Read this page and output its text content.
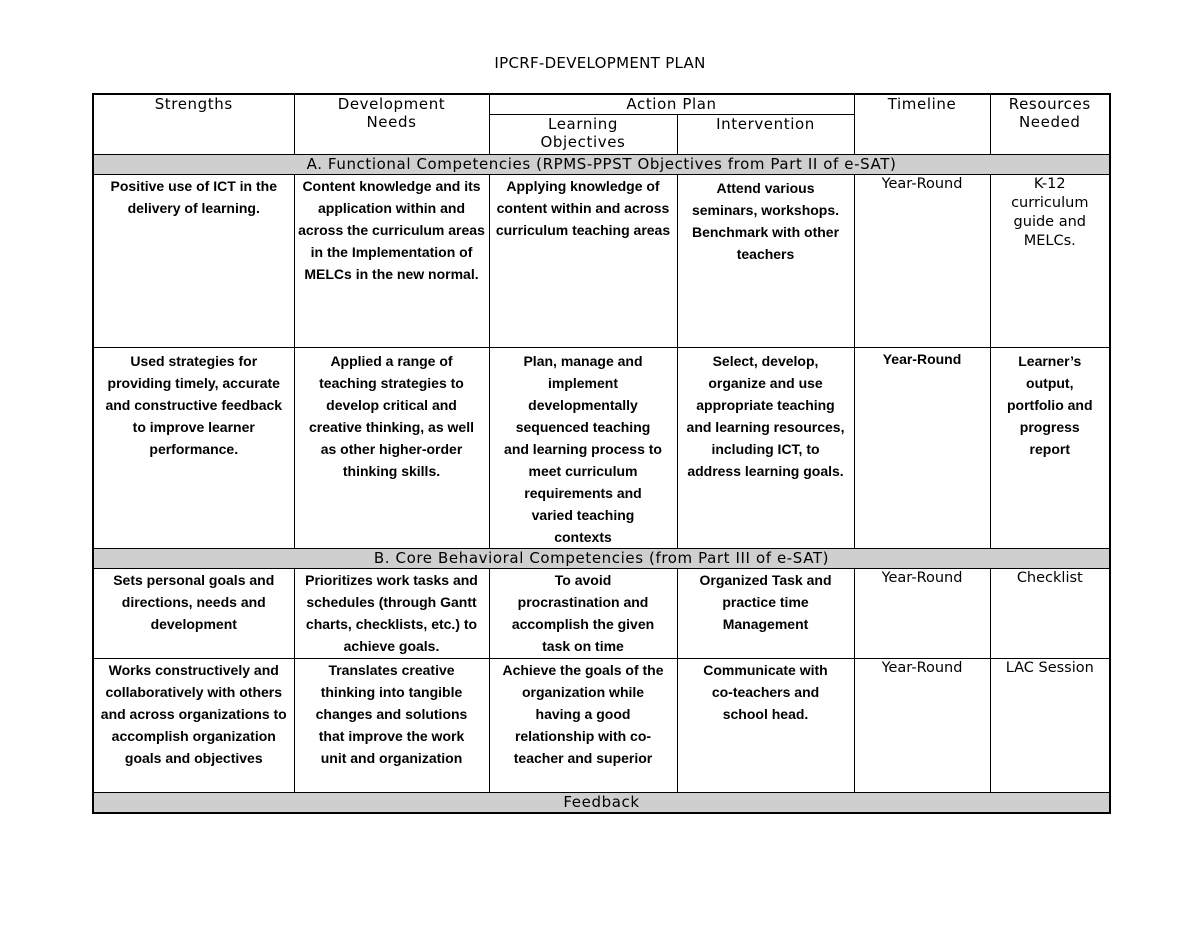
IPCRF-DEVELOPMENT PLAN
Strengths	Development Needs	Action Plan		Timeline	Resources Needed
		Learning Objectives	Intervention		
A. Functional Competencies (RPMS-PPST Objectives from Part II of e-SAT)					
Positive use of ICT in the delivery of learning.	Content knowledge and its application within and across the curriculum areas in the Implementation of MELCs in the new normal.	Applying knowledge of content within and across curriculum teaching areas	Attend various seminars, workshops. Benchmark with other teachers	Year-Round	K-12 curriculum guide and MELCs.
Used strategies for providing timely, accurate and constructive feedback to improve learner performance.	Applied a range of teaching strategies to develop critical and creative thinking, as well as other higher-order thinking skills.	Plan, manage and implement developmentally sequenced teaching and learning process to meet curriculum requirements and varied teaching contexts	Select, develop, organize and use appropriate teaching and learning resources, including ICT, to address learning goals.	Year-Round	Learner’s output, portfolio and progress report
B. Core Behavioral Competencies (from Part III of e-SAT)					
Sets personal goals and directions, needs and development	Prioritizes work tasks and schedules (through Gantt charts, checklists, etc.) to achieve goals.	To avoid procrastination and accomplish the given task on time	Organized Task and practice time Management	Year-Round	Checklist
Works constructively and collaboratively with others and across organizations to accomplish organization goals and objectives	Translates creative thinking into tangible changes and solutions that improve the work unit and organization	Achieve the goals of the organization while having a good relationship with co-teacher and superior	Communicate with co-teachers and school head.	Year-Round	LAC Session
Feedback					
